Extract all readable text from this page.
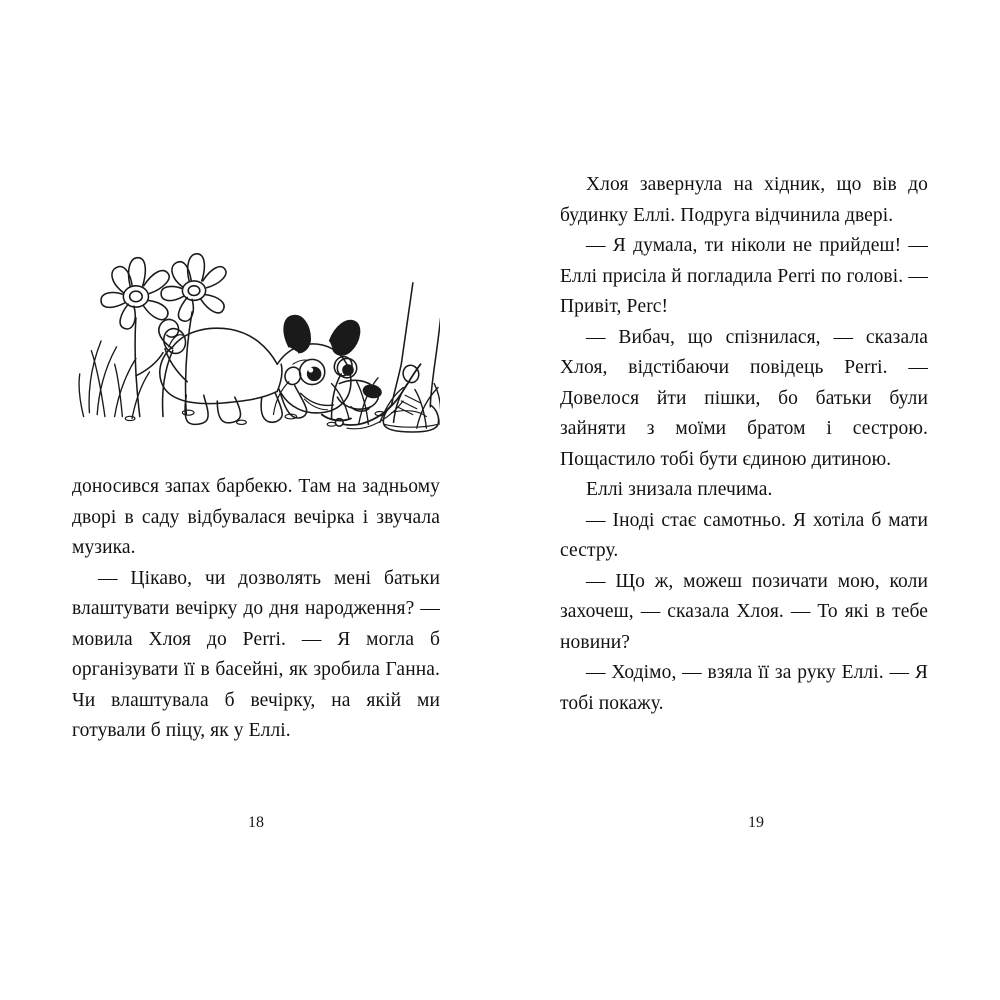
доносився запах барбекю. Там на задньому дворі в саду відбувалася вечірка і звучала музика.

— Цікаво, чи дозволять мені батьки влаштувати вечірку до дня народження? — мовила Хлоя до Perri. — Я могла б організувати її в басейні, як зробила Ганна. Чи влаштувала б вечірку, на якій ми готували б піцу, як у Еллі.

18

Хлоя завернула на хідник, що вів до будинку Еллі. Подруга відчинила двері.

— Я думала, ти ніколи не прийдеш! — Еллі присіла й погладила Perri по голові. — Привіт, Perc!

— Вибач, що спізнилася, — сказала Хлоя, відстібаючи повідець Perri. — Довелося йти пішки, бо батьки були зайняти з моїми братом і сестрою. Пощастило тобі бути єдиною дитиною.

Еллі знизала плечима.

— Іноді стає самотньо. Я хотіла б мати сестру.

— Що ж, можеш позичати мою, коли захочеш, — сказала Хлоя. — То які в тебе новини?

— Ходімо, — взяла її за руку Еллі. — Я тобі покажу.

19
